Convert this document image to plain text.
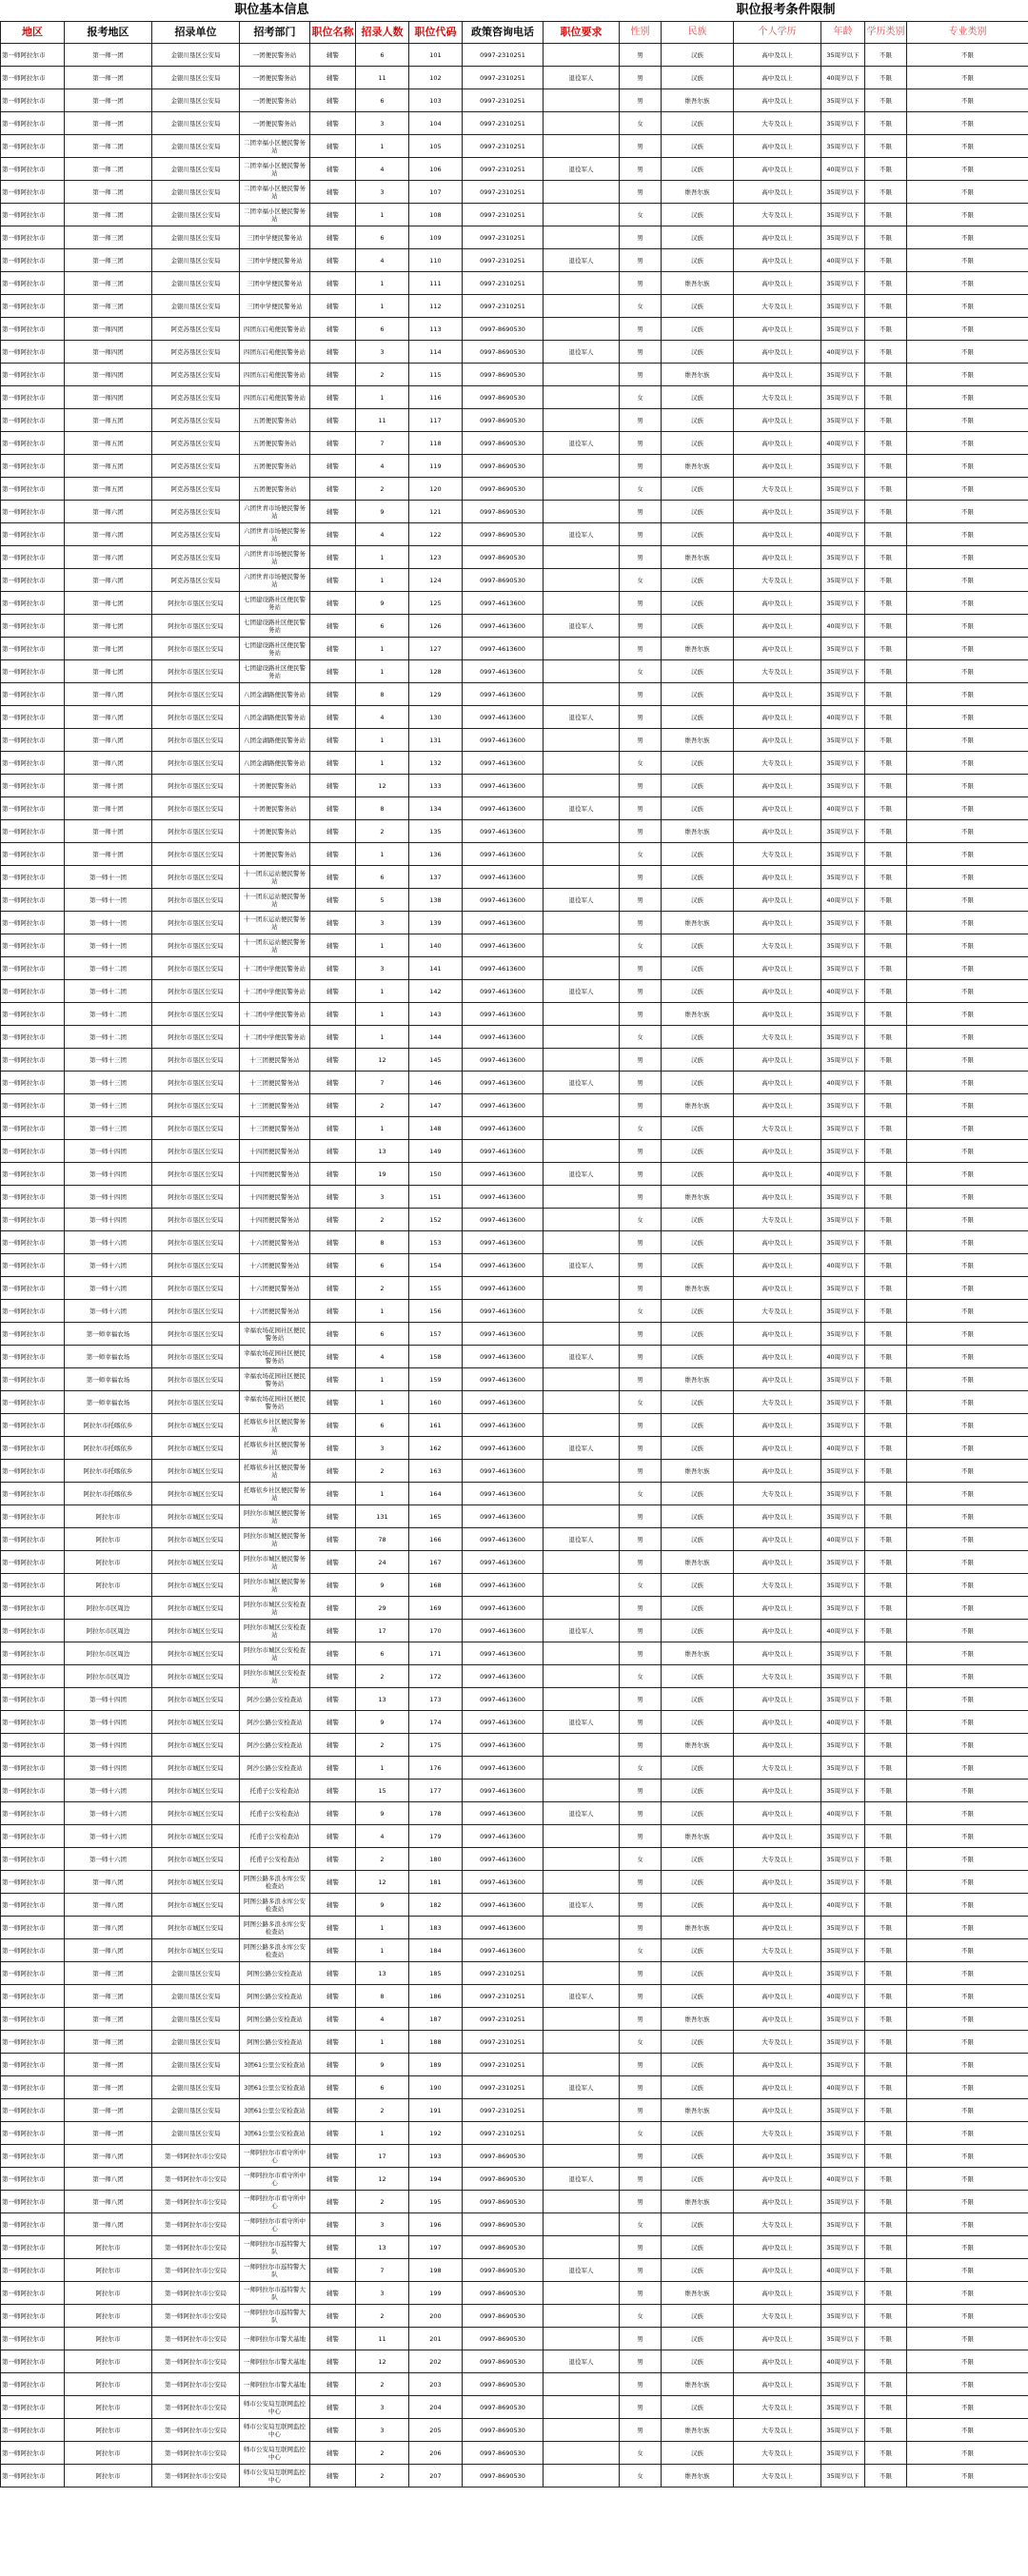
职位基本信息								职位报考条件限制						
地区	报考地区	招录单位	招考部门	职位名称	招录人数	职位代码	政策咨询电话	职位要求	性别	民族	个人学历	年龄	学历类别	专业类别
第一师阿拉尔市	第一师一团	金银川垦区公安局	一团便民警务站	辅警	6	101	0997-2310251		男	汉族	高中及以上	35周岁以下	不限	不限
第一师阿拉尔市	第一师一团	金银川垦区公安局	一团便民警务站	辅警	11	102	0997-2310251	退役军人	男	汉族	高中及以上	40周岁以下	不限	不限
第一师阿拉尔市	第一师一团	金银川垦区公安局	一团便民警务站	辅警	6	103	0997-2310251		男	维吾尔族	高中及以上	35周岁以下	不限	不限
第一师阿拉尔市	第一师一团	金银川垦区公安局	一团便民警务站	辅警	3	104	0997-2310251		女	汉族	大专及以上	35周岁以下	不限	不限
第一师阿拉尔市	第一师二团	金银川垦区公安局	二团幸福小区便民警务站	辅警	1	105	0997-2310251		男	汉族	高中及以上	35周岁以下	不限	不限
第一师阿拉尔市	第一师二团	金银川垦区公安局	二团幸福小区便民警务站	辅警	4	106	0997-2310251	退役军人	男	汉族	高中及以上	40周岁以下	不限	不限
第一师阿拉尔市	第一师二团	金银川垦区公安局	二团幸福小区便民警务站	辅警	3	107	0997-2310251		男	维吾尔族	高中及以上	35周岁以下	不限	不限
第一师阿拉尔市	第一师二团	金银川垦区公安局	二团幸福小区便民警务站	辅警	1	108	0997-2310251		女	汉族	大专及以上	35周岁以下	不限	不限
第一师阿拉尔市	第一师三团	金银川垦区公安局	三团中学便民警务站	辅警	6	109	0997-2310251		男	汉族	高中及以上	35周岁以下	不限	不限
第一师阿拉尔市	第一师三团	金银川垦区公安局	三团中学便民警务站	辅警	4	110	0997-2310251	退役军人	男	汉族	高中及以上	40周岁以下	不限	不限
第一师阿拉尔市	第一师三团	金银川垦区公安局	三团中学便民警务站	辅警	1	111	0997-2310251		男	维吾尔族	高中及以上	35周岁以下	不限	不限
第一师阿拉尔市	第一师三团	金银川垦区公安局	三团中学便民警务站	辅警	1	112	0997-2310251		女	汉族	大专及以上	35周岁以下	不限	不限
第一师阿拉尔市	第一师四团	阿克苏垦区公安局	四团东启苑便民警务站	辅警	6	113	0997-8690530		男	汉族	高中及以上	35周岁以下	不限	不限
第一师阿拉尔市	第一师四团	阿克苏垦区公安局	四团东启苑便民警务站	辅警	3	114	0997-8690530	退役军人	男	汉族	高中及以上	40周岁以下	不限	不限
第一师阿拉尔市	第一师四团	阿克苏垦区公安局	四团东启苑便民警务站	辅警	2	115	0997-8690530		男	维吾尔族	高中及以上	35周岁以下	不限	不限
第一师阿拉尔市	第一师四团	阿克苏垦区公安局	四团东启苑便民警务站	辅警	1	116	0997-8690530		女	汉族	大专及以上	35周岁以下	不限	不限
第一师阿拉尔市	第一师五团	阿克苏垦区公安局	五团便民警务站	辅警	11	117	0997-8690530		男	汉族	高中及以上	35周岁以下	不限	不限
第一师阿拉尔市	第一师五团	阿克苏垦区公安局	五团便民警务站	辅警	7	118	0997-8690530	退役军人	男	汉族	高中及以上	40周岁以下	不限	不限
第一师阿拉尔市	第一师五团	阿克苏垦区公安局	五团便民警务站	辅警	4	119	0997-8690530		男	维吾尔族	高中及以上	35周岁以下	不限	不限
第一师阿拉尔市	第一师五团	阿克苏垦区公安局	五团便民警务站	辅警	2	120	0997-8690530		女	汉族	大专及以上	35周岁以下	不限	不限
第一师阿拉尔市	第一师六团	阿克苏垦区公安局	六团世青市场便民警务站	辅警	9	121	0997-8690530		男	汉族	高中及以上	35周岁以下	不限	不限
第一师阿拉尔市	第一师六团	阿克苏垦区公安局	六团世青市场便民警务站	辅警	4	122	0997-8690530	退役军人	男	汉族	高中及以上	40周岁以下	不限	不限
第一师阿拉尔市	第一师六团	阿克苏垦区公安局	六团世青市场便民警务站	辅警	1	123	0997-8690530		男	维吾尔族	高中及以上	35周岁以下	不限	不限
第一师阿拉尔市	第一师六团	阿克苏垦区公安局	六团世青市场便民警务站	辅警	1	124	0997-8690530		女	汉族	大专及以上	35周岁以下	不限	不限
第一师阿拉尔市	第一师七团	阿拉尔市垦区公安局	七团建设路社区便民警务站	辅警	9	125	0997-4613600		男	汉族	高中及以上	35周岁以下	不限	不限
第一师阿拉尔市	第一师七团	阿拉尔市垦区公安局	七团建设路社区便民警务站	辅警	6	126	0997-4613600	退役军人	男	汉族	高中及以上	40周岁以下	不限	不限
第一师阿拉尔市	第一师七团	阿拉尔市垦区公安局	七团建设路社区便民警务站	辅警	1	127	0997-4613600		男	维吾尔族	高中及以上	35周岁以下	不限	不限
第一师阿拉尔市	第一师七团	阿拉尔市垦区公安局	七团建设路社区便民警务站	辅警	1	128	0997-4613600		女	汉族	大专及以上	35周岁以下	不限	不限
第一师阿拉尔市	第一师八团	阿拉尔市垦区公安局	八团金湖路便民警务站	辅警	8	129	0997-4613600		男	汉族	高中及以上	35周岁以下	不限	不限
第一师阿拉尔市	第一师八团	阿拉尔市垦区公安局	八团金湖路便民警务站	辅警	4	130	0997-4613600	退役军人	男	汉族	高中及以上	40周岁以下	不限	不限
第一师阿拉尔市	第一师八团	阿拉尔市垦区公安局	八团金湖路便民警务站	辅警	1	131	0997-4613600		男	维吾尔族	高中及以上	35周岁以下	不限	不限
第一师阿拉尔市	第一师八团	阿拉尔市垦区公安局	八团金湖路便民警务站	辅警	1	132	0997-4613600		女	汉族	大专及以上	35周岁以下	不限	不限
第一师阿拉尔市	第一师十团	阿拉尔市垦区公安局	十团便民警务站	辅警	12	133	0997-4613600		男	汉族	高中及以上	35周岁以下	不限	不限
第一师阿拉尔市	第一师十团	阿拉尔市垦区公安局	十团便民警务站	辅警	8	134	0997-4613600	退役军人	男	汉族	高中及以上	40周岁以下	不限	不限
第一师阿拉尔市	第一师十团	阿拉尔市垦区公安局	十团便民警务站	辅警	2	135	0997-4613600		男	维吾尔族	高中及以上	35周岁以下	不限	不限
第一师阿拉尔市	第一师十团	阿拉尔市垦区公安局	十团便民警务站	辅警	1	136	0997-4613600		女	汉族	大专及以上	35周岁以下	不限	不限
第一师阿拉尔市	第一师十一团	阿拉尔市垦区公安局	十一团东运站便民警务站	辅警	6	137	0997-4613600		男	汉族	高中及以上	35周岁以下	不限	不限
第一师阿拉尔市	第一师十一团	阿拉尔市垦区公安局	十一团东运站便民警务站	辅警	5	138	0997-4613600	退役军人	男	汉族	高中及以上	40周岁以下	不限	不限
第一师阿拉尔市	第一师十一团	阿拉尔市垦区公安局	十一团东运站便民警务站	辅警	3	139	0997-4613600		男	维吾尔族	高中及以上	35周岁以下	不限	不限
第一师阿拉尔市	第一师十一团	阿拉尔市垦区公安局	十一团东运站便民警务站	辅警	1	140	0997-4613600		女	汉族	大专及以上	35周岁以下	不限	不限
第一师阿拉尔市	第一师十二团	阿拉尔市垦区公安局	十二团中学便民警务站	辅警	3	141	0997-4613600		男	汉族	高中及以上	35周岁以下	不限	不限
第一师阿拉尔市	第一师十二团	阿拉尔市垦区公安局	十二团中学便民警务站	辅警	1	142	0997-4613600	退役军人	男	汉族	高中及以上	40周岁以下	不限	不限
第一师阿拉尔市	第一师十二团	阿拉尔市垦区公安局	十二团中学便民警务站	辅警	1	143	0997-4613600		男	维吾尔族	高中及以上	35周岁以下	不限	不限
第一师阿拉尔市	第一师十二团	阿拉尔市垦区公安局	十二团中学便民警务站	辅警	1	144	0997-4613600		女	汉族	大专及以上	35周岁以下	不限	不限
第一师阿拉尔市	第一师十三团	阿拉尔市垦区公安局	十三团便民警务站	辅警	12	145	0997-4613600		男	汉族	高中及以上	35周岁以下	不限	不限
第一师阿拉尔市	第一师十三团	阿拉尔市垦区公安局	十三团便民警务站	辅警	7	146	0997-4613600	退役军人	男	汉族	高中及以上	40周岁以下	不限	不限
第一师阿拉尔市	第一师十三团	阿拉尔市垦区公安局	十三团便民警务站	辅警	2	147	0997-4613600		男	维吾尔族	高中及以上	35周岁以下	不限	不限
第一师阿拉尔市	第一师十三团	阿拉尔市垦区公安局	十三团便民警务站	辅警	1	148	0997-4613600		女	汉族	大专及以上	35周岁以下	不限	不限
第一师阿拉尔市	第一师十四团	阿拉尔市垦区公安局	十四团便民警务站	辅警	13	149	0997-4613600		男	汉族	高中及以上	35周岁以下	不限	不限
第一师阿拉尔市	第一师十四团	阿拉尔市垦区公安局	十四团便民警务站	辅警	19	150	0997-4613600	退役军人	男	汉族	高中及以上	40周岁以下	不限	不限
第一师阿拉尔市	第一师十四团	阿拉尔市垦区公安局	十四团便民警务站	辅警	3	151	0997-4613600		男	维吾尔族	高中及以上	35周岁以下	不限	不限
第一师阿拉尔市	第一师十四团	阿拉尔市垦区公安局	十四团便民警务站	辅警	2	152	0997-4613600		女	汉族	大专及以上	35周岁以下	不限	不限
第一师阿拉尔市	第一师十六团	阿拉尔市垦区公安局	十六团便民警务站	辅警	8	153	0997-4613600		男	汉族	高中及以上	35周岁以下	不限	不限
第一师阿拉尔市	第一师十六团	阿拉尔市垦区公安局	十六团便民警务站	辅警	6	154	0997-4613600	退役军人	男	汉族	高中及以上	40周岁以下	不限	不限
第一师阿拉尔市	第一师十六团	阿拉尔市垦区公安局	十六团便民警务站	辅警	2	155	0997-4613600		男	维吾尔族	高中及以上	35周岁以下	不限	不限
第一师阿拉尔市	第一师十六团	阿拉尔市垦区公安局	十六团便民警务站	辅警	1	156	0997-4613600		女	汉族	大专及以上	35周岁以下	不限	不限
第一师阿拉尔市	第一师幸福农场	阿拉尔市垦区公安局	幸福农场花园社区便民警务站	辅警	6	157	0997-4613600		男	汉族	高中及以上	35周岁以下	不限	不限
第一师阿拉尔市	第一师幸福农场	阿拉尔市垦区公安局	幸福农场花园社区便民警务站	辅警	4	158	0997-4613600	退役军人	男	汉族	高中及以上	40周岁以下	不限	不限
第一师阿拉尔市	第一师幸福农场	阿拉尔市垦区公安局	幸福农场花园社区便民警务站	辅警	1	159	0997-4613600		男	维吾尔族	高中及以上	35周岁以下	不限	不限
第一师阿拉尔市	第一师幸福农场	阿拉尔市垦区公安局	幸福农场花园社区便民警务站	辅警	1	160	0997-4613600		女	汉族	大专及以上	35周岁以下	不限	不限
第一师阿拉尔市	阿拉尔市托喀依乡	阿拉尔市城区公安局	托喀依乡社区便民警务站	辅警	6	161	0997-4613600		男	汉族	高中及以上	35周岁以下	不限	不限
第一师阿拉尔市	阿拉尔市托喀依乡	阿拉尔市城区公安局	托喀依乡社区便民警务站	辅警	3	162	0997-4613600	退役军人	男	汉族	高中及以上	40周岁以下	不限	不限
第一师阿拉尔市	阿拉尔市托喀依乡	阿拉尔市城区公安局	托喀依乡社区便民警务站	辅警	2	163	0997-4613600		男	维吾尔族	高中及以上	35周岁以下	不限	不限
第一师阿拉尔市	阿拉尔市托喀依乡	阿拉尔市城区公安局	托喀依乡社区便民警务站	辅警	1	164	0997-4613600		女	汉族	大专及以上	35周岁以下	不限	不限
第一师阿拉尔市	阿拉尔市	阿拉尔市城区公安局	阿拉尔市城区便民警务站	辅警	131	165	0997-4613600		男	汉族	高中及以上	35周岁以下	不限	不限
第一师阿拉尔市	阿拉尔市	阿拉尔市城区公安局	阿拉尔市城区便民警务站	辅警	78	166	0997-4613600	退役军人	男	汉族	高中及以上	40周岁以下	不限	不限
第一师阿拉尔市	阿拉尔市	阿拉尔市城区公安局	阿拉尔市城区便民警务站	辅警	24	167	0997-4613600		男	维吾尔族	高中及以上	35周岁以下	不限	不限
第一师阿拉尔市	阿拉尔市	阿拉尔市城区公安局	阿拉尔市城区便民警务站	辅警	9	168	0997-4613600		女	汉族	大专及以上	35周岁以下	不限	不限
第一师阿拉尔市	阿拉尔市区周边	阿拉尔市城区公安局	阿拉尔市城区公安检查站	辅警	29	169	0997-4613600		男	汉族	高中及以上	35周岁以下	不限	不限
第一师阿拉尔市	阿拉尔市区周边	阿拉尔市城区公安局	阿拉尔市城区公安检查站	辅警	17	170	0997-4613600	退役军人	男	汉族	高中及以上	40周岁以下	不限	不限
第一师阿拉尔市	阿拉尔市区周边	阿拉尔市城区公安局	阿拉尔市城区公安检查站	辅警	6	171	0997-4613600		男	维吾尔族	高中及以上	35周岁以下	不限	不限
第一师阿拉尔市	阿拉尔市区周边	阿拉尔市城区公安局	阿拉尔市城区公安检查站	辅警	2	172	0997-4613600		女	汉族	大专及以上	35周岁以下	不限	不限
第一师阿拉尔市	第一师十四团	阿拉尔市城区公安局	阿沙公路公安检查站	辅警	13	173	0997-4613600		男	汉族	高中及以上	35周岁以下	不限	不限
第一师阿拉尔市	第一师十四团	阿拉尔市城区公安局	阿沙公路公安检查站	辅警	9	174	0997-4613600	退役军人	男	汉族	高中及以上	40周岁以下	不限	不限
第一师阿拉尔市	第一师十四团	阿拉尔市城区公安局	阿沙公路公安检查站	辅警	2	175	0997-4613600		男	维吾尔族	高中及以上	35周岁以下	不限	不限
第一师阿拉尔市	第一师十四团	阿拉尔市城区公安局	阿沙公路公安检查站	辅警	1	176	0997-4613600		女	汉族	大专及以上	35周岁以下	不限	不限
第一师阿拉尔市	第一师十六团	阿拉尔市城区公安局	托甫子公安检查站	辅警	15	177	0997-4613600		男	汉族	高中及以上	35周岁以下	不限	不限
第一师阿拉尔市	第一师十六团	阿拉尔市城区公安局	托甫子公安检查站	辅警	9	178	0997-4613600	退役军人	男	汉族	高中及以上	40周岁以下	不限	不限
第一师阿拉尔市	第一师十六团	阿拉尔市城区公安局	托甫子公安检查站	辅警	4	179	0997-4613600		男	维吾尔族	高中及以上	35周岁以下	不限	不限
第一师阿拉尔市	第一师十六团	阿拉尔市城区公安局	托甫子公安检查站	辅警	2	180	0997-4613600		女	汉族	大专及以上	35周岁以下	不限	不限
第一师阿拉尔市	第一师八团	阿拉尔市城区公安局	阿图公路多浪水库公安检查站	辅警	12	181	0997-4613600		男	汉族	高中及以上	35周岁以下	不限	不限
第一师阿拉尔市	第一师八团	阿拉尔市城区公安局	阿图公路多浪水库公安检查站	辅警	9	182	0997-4613600	退役军人	男	汉族	高中及以上	40周岁以下	不限	不限
第一师阿拉尔市	第一师八团	阿拉尔市城区公安局	阿图公路多浪水库公安检查站	辅警	1	183	0997-4613600		男	维吾尔族	高中及以上	35周岁以下	不限	不限
第一师阿拉尔市	第一师八团	阿拉尔市城区公安局	阿图公路多浪水库公安检查站	辅警	1	184	0997-4613600		女	汉族	大专及以上	35周岁以下	不限	不限
第一师阿拉尔市	第一师三团	金银川垦区公安局	阿图公路公安检查站	辅警	13	185	0997-2310251		男	汉族	高中及以上	35周岁以下	不限	不限
第一师阿拉尔市	第一师三团	金银川垦区公安局	阿图公路公安检查站	辅警	8	186	0997-2310251	退役军人	男	汉族	高中及以上	40周岁以下	不限	不限
第一师阿拉尔市	第一师三团	金银川垦区公安局	阿图公路公安检查站	辅警	4	187	0997-2310251		男	维吾尔族	高中及以上	35周岁以下	不限	不限
第一师阿拉尔市	第一师三团	金银川垦区公安局	阿图公路公安检查站	辅警	1	188	0997-2310251		女	汉族	大专及以上	35周岁以下	不限	不限
第一师阿拉尔市	第一师一团	金银川垦区公安局	3团61公里公安检查站	辅警	9	189	0997-2310251		男	汉族	高中及以上	35周岁以下	不限	不限
第一师阿拉尔市	第一师一团	金银川垦区公安局	3团61公里公安检查站	辅警	6	190	0997-2310251	退役军人	男	汉族	高中及以上	40周岁以下	不限	不限
第一师阿拉尔市	第一师一团	金银川垦区公安局	3团61公里公安检查站	辅警	2	191	0997-2310251		男	维吾尔族	高中及以上	35周岁以下	不限	不限
第一师阿拉尔市	第一师一团	金银川垦区公安局	3团61公里公安检查站	辅警	1	192	0997-2310251		女	汉族	大专及以上	35周岁以下	不限	不限
第一师阿拉尔市	第一师八团	第一师阿拉尔市公安局	一师阿拉尔市看守所中心	辅警	17	193	0997-8690530		男	汉族	高中及以上	35周岁以下	不限	不限
第一师阿拉尔市	第一师八团	第一师阿拉尔市公安局	一师阿拉尔市看守所中心	辅警	12	194	0997-8690530	退役军人	男	汉族	高中及以上	40周岁以下	不限	不限
第一师阿拉尔市	第一师八团	第一师阿拉尔市公安局	一师阿拉尔市看守所中心	辅警	2	195	0997-8690530		男	维吾尔族	高中及以上	35周岁以下	不限	不限
第一师阿拉尔市	第一师八团	第一师阿拉尔市公安局	一师阿拉尔市看守所中心	辅警	3	196	0997-8690530		女	汉族	大专及以上	35周岁以下	不限	不限
第一师阿拉尔市	阿拉尔市	第一师阿拉尔市公安局	一师阿拉尔市巡特警大队	辅警	13	197	0997-8690530		男	汉族	高中及以上	35周岁以下	不限	不限
第一师阿拉尔市	阿拉尔市	第一师阿拉尔市公安局	一师阿拉尔市巡特警大队	辅警	7	198	0997-8690530	退役军人	男	汉族	高中及以上	40周岁以下	不限	不限
第一师阿拉尔市	阿拉尔市	第一师阿拉尔市公安局	一师阿拉尔市巡特警大队	辅警	3	199	0997-8690530		男	维吾尔族	高中及以上	35周岁以下	不限	不限
第一师阿拉尔市	阿拉尔市	第一师阿拉尔市公安局	一师阿拉尔市巡特警大队	辅警	2	200	0997-8690530		女	汉族	大专及以上	35周岁以下	不限	不限
第一师阿拉尔市	阿拉尔市	第一师阿拉尔市公安局	一师阿拉尔市警犬基地	辅警	11	201	0997-8690530		男	汉族	高中及以上	35周岁以下	不限	不限
第一师阿拉尔市	阿拉尔市	第一师阿拉尔市公安局	一师阿拉尔市警犬基地	辅警	12	202	0997-8690530	退役军人	男	汉族	高中及以上	40周岁以下	不限	不限
第一师阿拉尔市	阿拉尔市	第一师阿拉尔市公安局	一师阿拉尔市警犬基地	辅警	2	203	0997-8690530		男	维吾尔族	高中及以上	35周岁以下	不限	不限
第一师阿拉尔市	阿拉尔市	第一师阿拉尔市公安局	师市公安局互联网监控中心	辅警	3	204	0997-8690530		男	汉族	大专及以上	35周岁以下	不限	不限
第一师阿拉尔市	阿拉尔市	第一师阿拉尔市公安局	师市公安局互联网监控中心	辅警	3	205	0997-8690530		男	维吾尔族	大专及以上	35周岁以下	不限	不限
第一师阿拉尔市	阿拉尔市	第一师阿拉尔市公安局	师市公安局互联网监控中心	辅警	2	206	0997-8690530		女	汉族	大专及以上	35周岁以下	不限	不限
第一师阿拉尔市	阿拉尔市	第一师阿拉尔市公安局	师市公安局互联网监控中心	辅警	2	207	0997-8690530		女	维吾尔族	大专及以上	35周岁以下	不限	不限
